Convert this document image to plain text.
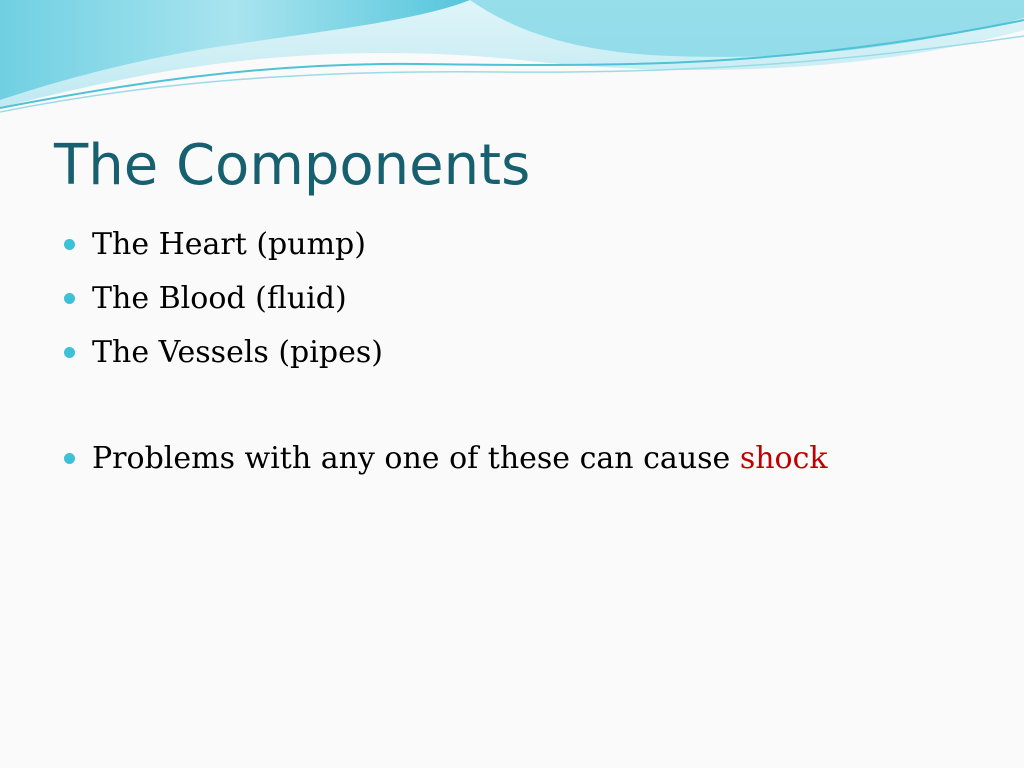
The Components
The Heart (pump)
The Blood (fluid)
The Vessels (pipes)
Problems with any one of these can cause shock
